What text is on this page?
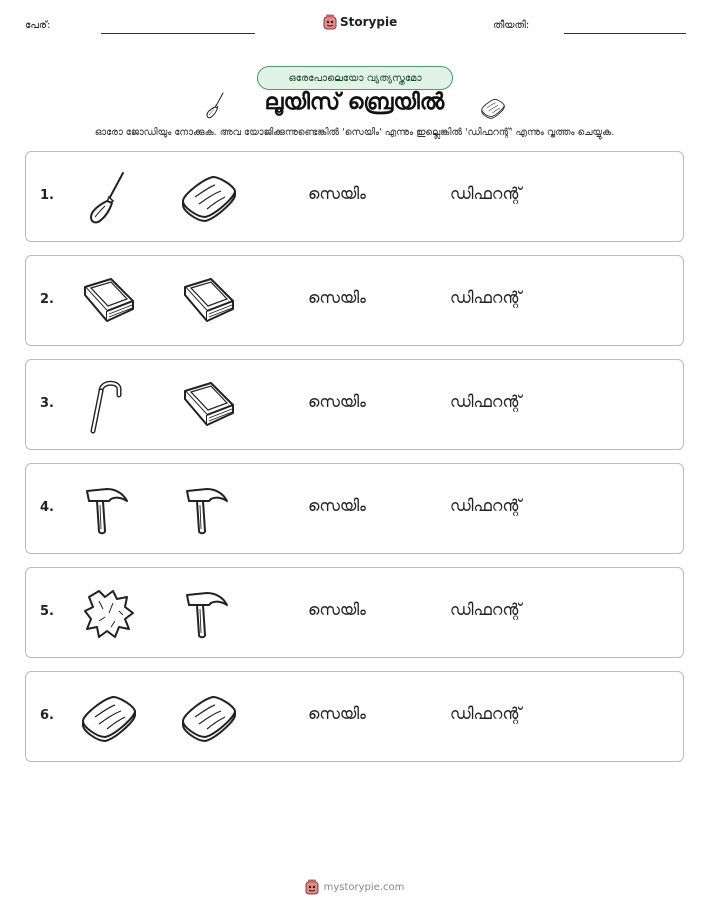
പേര്:	Storypie	തീയതി:
ഒരേപോലെയോ വ്യത്യസ്തമോ
ലൂയിസ് ബ്രെയിൽ
ഓരോ ജോഡിയും നോക്കുക. അവ യോജിക്കുന്നുണ്ടെങ്കിൽ 'സെയിം' എന്നും ഇല്ലെങ്കിൽ 'ഡിഫറന്റ്' എന്നും വൃത്തം ചെയ്യുക.
1.	സെയിം	ഡിഫറന്റ്
2.	സെയിം	ഡിഫറന്റ്
3.	സെയിം	ഡിഫറന്റ്
4.	സെയിം	ഡിഫറന്റ്
5.	സെയിം	ഡിഫറന്റ്
6.	സെയിം	ഡിഫറന്റ്
mystorypie.com
